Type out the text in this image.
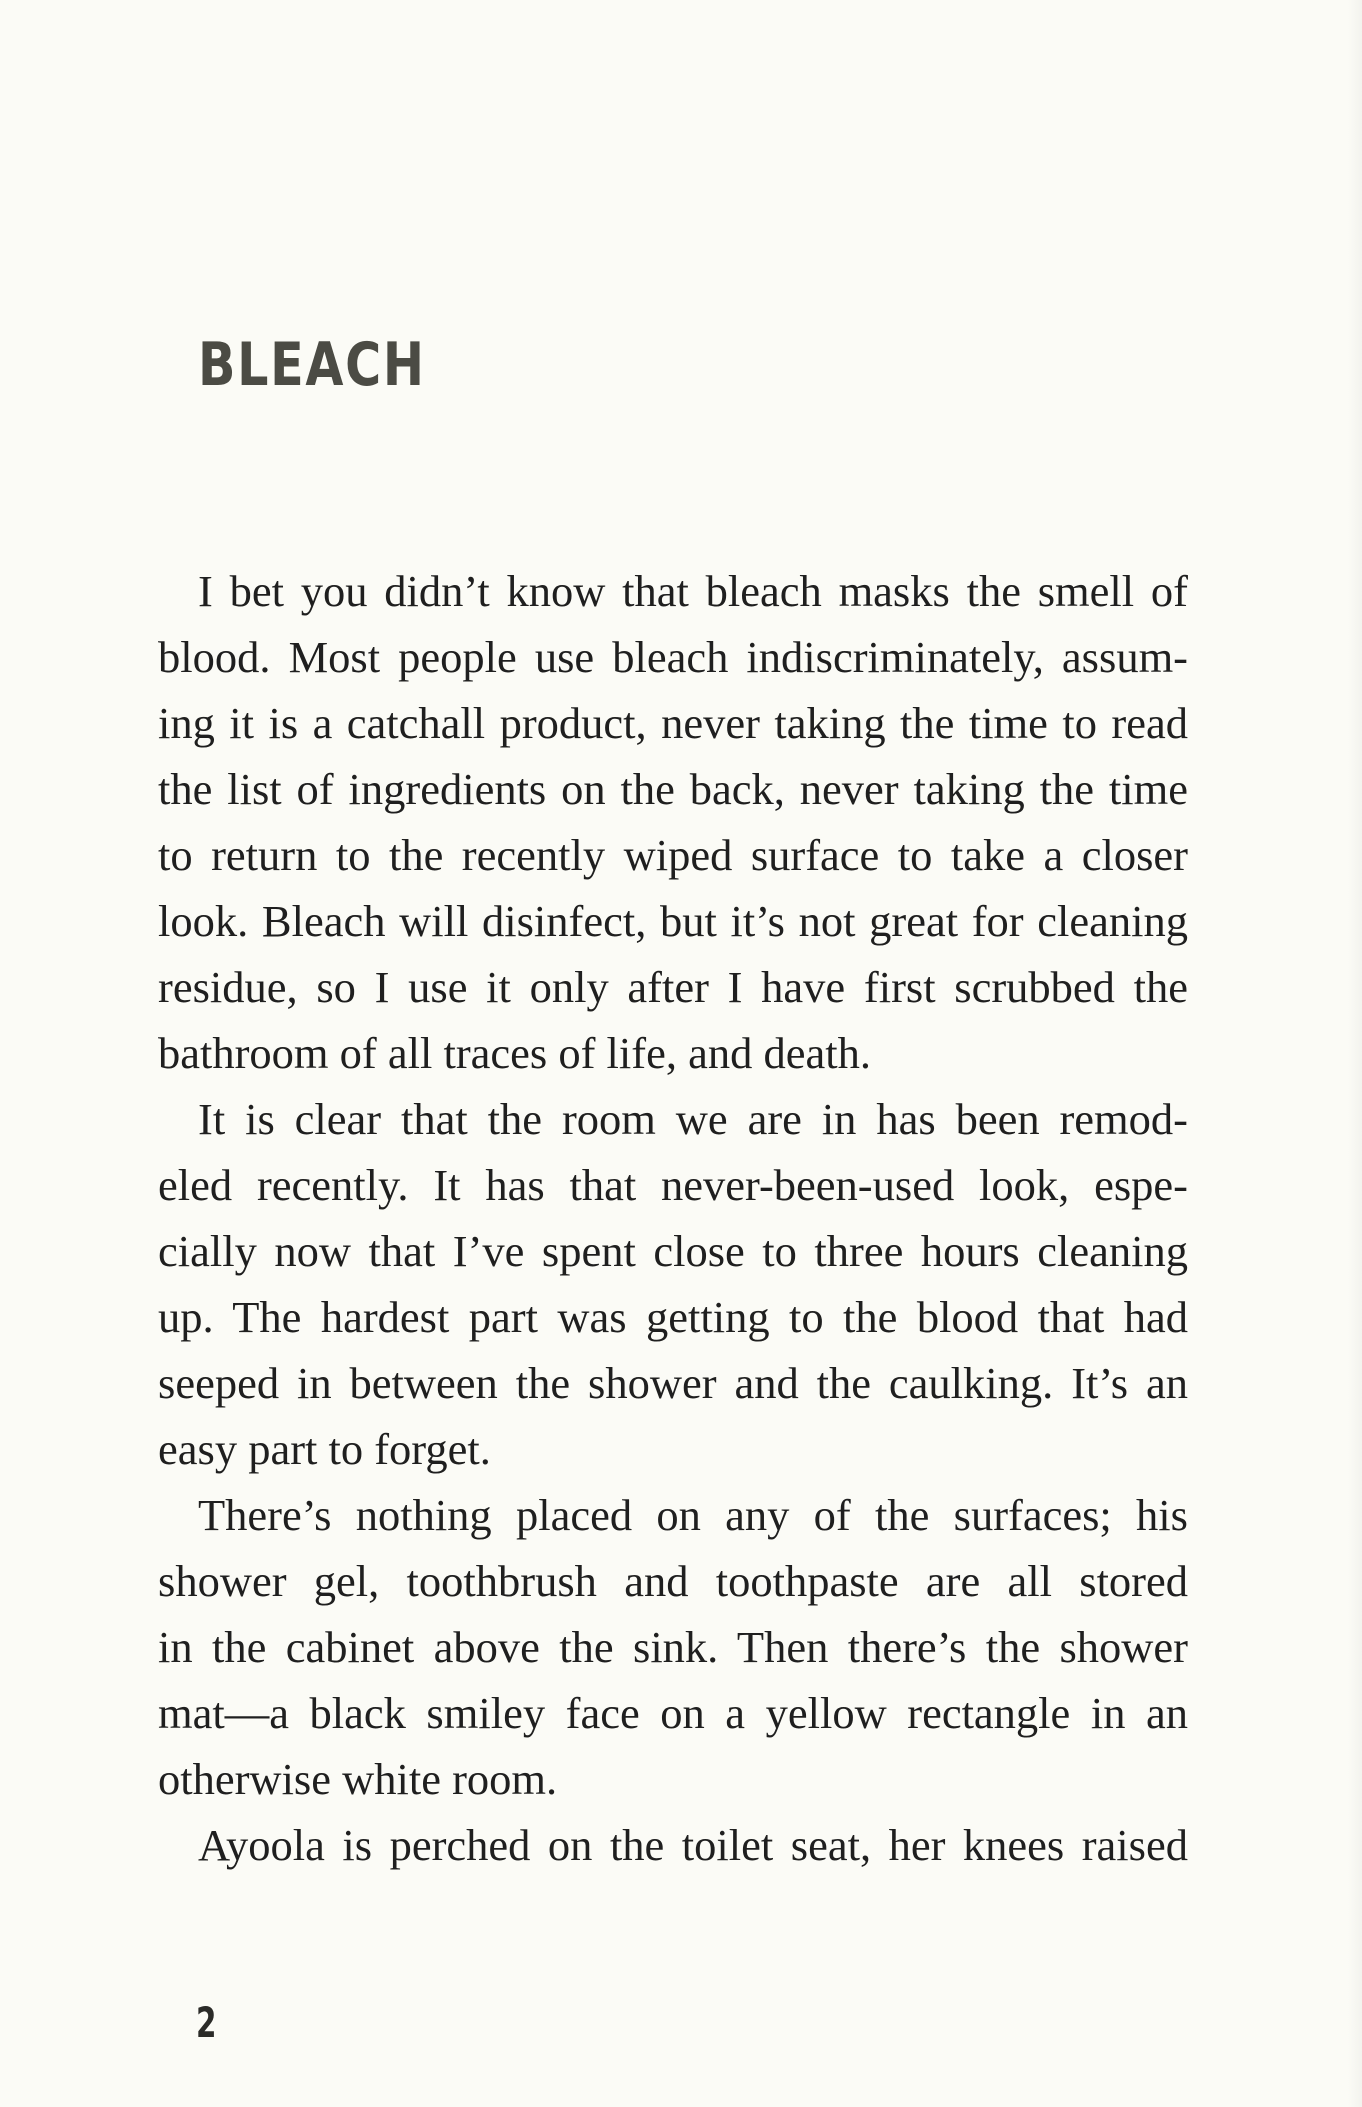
BLEACH
I bet you didn’t know that bleach masks the smell of
blood. Most people use bleach indiscriminately, assum-
ing it is a catchall product, never taking the time to read
the list of ingredients on the back, never taking the time
to return to the recently wiped surface to take a closer
look. Bleach will disinfect, but it’s not great for cleaning
residue, so I use it only after I have first scrubbed the
bathroom of all traces of life, and death.
It is clear that the room we are in has been remod-
eled recently. It has that never-been-used look, espe-
cially now that I’ve spent close to three hours cleaning
up. The hardest part was getting to the blood that had
seeped in between the shower and the caulking. It’s an
easy part to forget.
There’s nothing placed on any of the surfaces; his
shower gel, toothbrush and toothpaste are all stored
in the cabinet above the sink. Then there’s the shower
mat—a black smiley face on a yellow rectangle in an
otherwise white room.
Ayoola is perched on the toilet seat, her knees raised
2
